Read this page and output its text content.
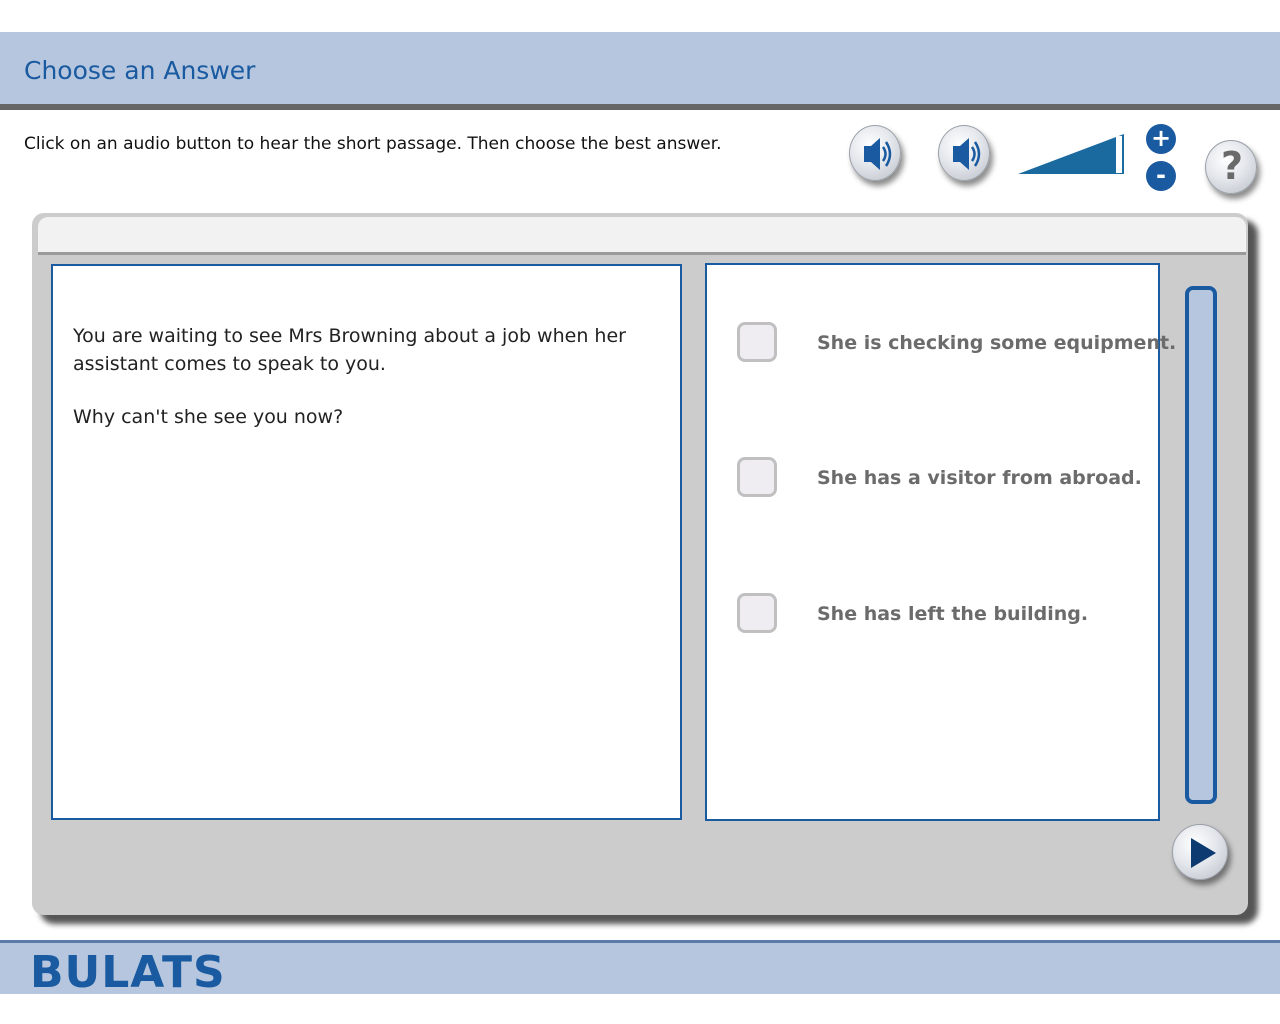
Choose an Answer
Click on an audio button to hear the short passage. Then choose the best answer.	+
-	?
You are waiting to see Mrs Browning about a job when her assistant comes to speak to you.
Why can't she see you now?
She is checking some equipment.
She has a visitor from abroad.
She has left the building.
BULATS
